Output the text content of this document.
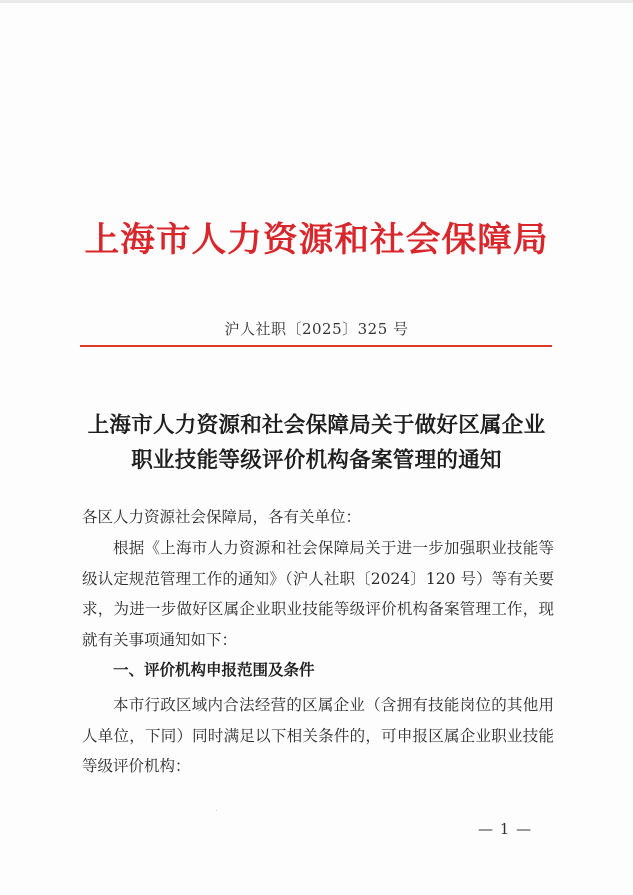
上海市人力资源和社会保障局
沪人社职〔2025〕325 号
上海市人力资源和社会保障局关于做好区属企业
职业技能等级评价机构备案管理的通知
各区人力资源社会保障局，各有关单位：
根据《上海市人力资源和社会保障局关于进一步加强职业技能等级认定规范管理工作的通知》（沪人社职〔2024〕120 号）等有关要求，为进一步做好区属企业职业技能等级评价机构备案管理工作，现就有关事项通知如下：
一、评价机构申报范围及条件
本市行政区域内合法经营的区属企业（含拥有技能岗位的其他用人单位，下同）同时满足以下相关条件的，可申报区属企业职业技能等级评价机构：
— 1 —
